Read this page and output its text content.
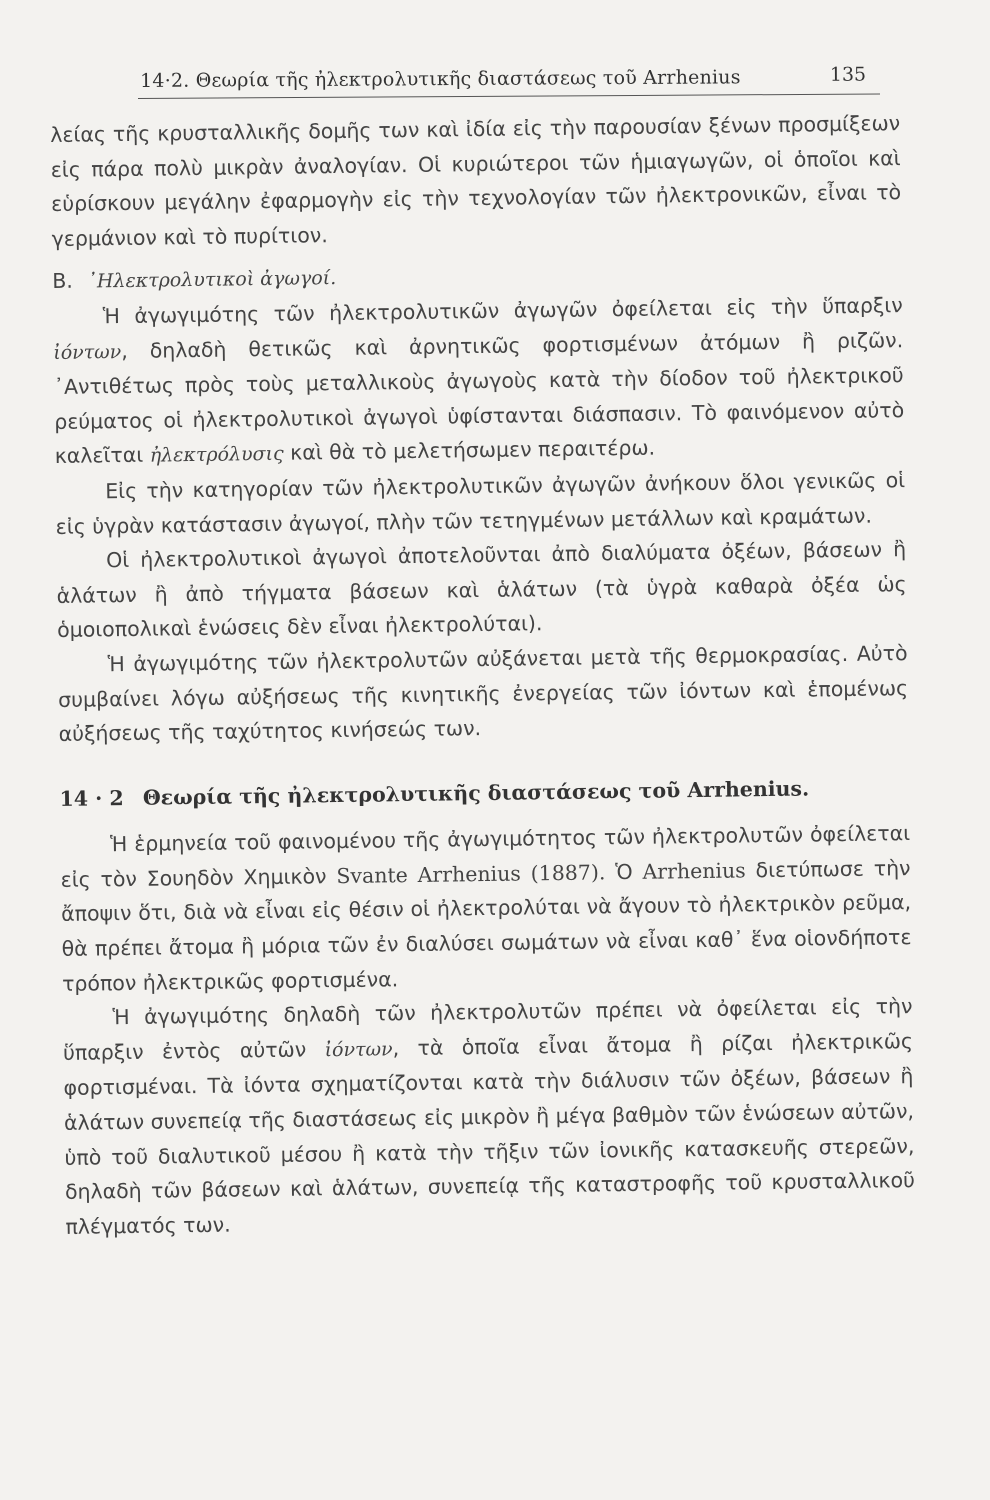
14·2. Θεωρία τῆς ἠλεκτρολυτικῆς διαστάσεως τοῦ Arrhenius	135

λείας τῆς κρυσταλλικῆς δομῆς των καὶ ἰδία εἰς τὴν παρουσίαν ξένων προσμίξεων εἰς πάρα πολὺ μικρὰν ἀναλογίαν. Οἱ κυριώτεροι τῶν ἡμιαγωγῶν, οἱ ὁποῖοι καὶ εὑρίσκουν μεγάλην ἐφαρμογὴν εἰς τὴν τεχνολογίαν τῶν ἠλεκτρονικῶν, εἶναι τὸ γερμάνιον καὶ τὸ πυρίτιον.

Β. ᾿Ηλεκτρολυτικοὶ ἀγωγοί.

Ἡ ἀγωγιμότης τῶν ἠλεκτρολυτικῶν ἀγωγῶν ὀφείλεται εἰς τὴν ὕπαρξιν ἰόντων, δηλαδὴ θετικῶς καὶ ἀρνητικῶς φορτισμένων ἀτόμων ἢ ριζῶν. ᾿Αντιθέτως πρὸς τοὺς μεταλλικοὺς ἀγωγοὺς κατὰ τὴν δίοδον τοῦ ἠλεκτρικοῦ ρεύματος οἱ ἠλεκτρολυτικοὶ ἀγωγοὶ ὑφίστανται διάσπασιν. Τὸ φαινόμενον αὐτὸ καλεῖται ἠλεκτρόλυσις καὶ θὰ τὸ μελετήσωμεν περαιτέρω.

Εἰς τὴν κατηγορίαν τῶν ἠλεκτρολυτικῶν ἀγωγῶν ἀνήκουν ὅλοι γενικῶς οἱ εἰς ὑγρὰν κατάστασιν ἀγωγοί, πλὴν τῶν τετηγμένων μετάλλων καὶ κραμάτων.

Οἱ ἠλεκτρολυτικοὶ ἀγωγοὶ ἀποτελοῦνται ἀπὸ διαλύματα ὀξέων, βάσεων ἢ ἁλάτων ἢ ἀπὸ τήγματα βάσεων καὶ ἁλάτων (τὰ ὑγρὰ καθαρὰ ὀξέα ὡς ὁμοιοπολικαὶ ἑνώσεις δὲν εἶναι ἠλεκτρολύται).

Ἡ ἀγωγιμότης τῶν ἠλεκτρολυτῶν αὐξάνεται μετὰ τῆς θερμοκρασίας. Αὐτὸ συμβαίνει λόγω αὐξήσεως τῆς κινητικῆς ἐνεργείας τῶν ἰόντων καὶ ἑπομένως αὐξήσεως τῆς ταχύτητος κινήσεώς των.

14 · 2 Θεωρία τῆς ἠλεκτρολυτικῆς διαστάσεως τοῦ Arrhenius.

Ἡ ἑρμηνεία τοῦ φαινομένου τῆς ἀγωγιμότητος τῶν ἠλεκτρολυτῶν ὀφείλεται εἰς τὸν Σουηδὸν Χημικὸν Svante Arrhenius (1887). Ὁ Arrhenius διετύπωσε τὴν ἄποψιν ὅτι, διὰ νὰ εἶναι εἰς θέσιν οἱ ἠλεκτρολύται νὰ ἄγουν τὸ ἠλεκτρικὸν ρεῦμα, θὰ πρέπει ἄτομα ἢ μόρια τῶν ἐν διαλύσει σωμάτων νὰ εἶναι καθ᾿ ἕνα οἱονδήποτε τρόπον ἠλεκτρικῶς φορτισμένα.

Ἡ ἀγωγιμότης δηλαδὴ τῶν ἠλεκτρολυτῶν πρέπει νὰ ὀφείλεται εἰς τὴν ὕπαρξιν ἐντὸς αὐτῶν ἰόντων, τὰ ὁποῖα εἶναι ἄτομα ἢ ρίζαι ἠλεκτρικῶς φορτισμέναι. Τὰ ἰόντα σχηματίζονται κατὰ τὴν διάλυσιν τῶν ὀξέων, βάσεων ἢ ἁλάτων συνεπείᾳ τῆς διαστάσεως εἰς μικρὸν ἢ μέγα βαθμὸν τῶν ἑνώσεων αὐτῶν, ὑπὸ τοῦ διαλυτικοῦ μέσου ἢ κατὰ τὴν τῆξιν τῶν ἰονικῆς κατασκευῆς στερεῶν, δηλαδὴ τῶν βάσεων καὶ ἁλάτων, συνεπείᾳ τῆς καταστροφῆς τοῦ κρυσταλλικοῦ πλέγματός των.
